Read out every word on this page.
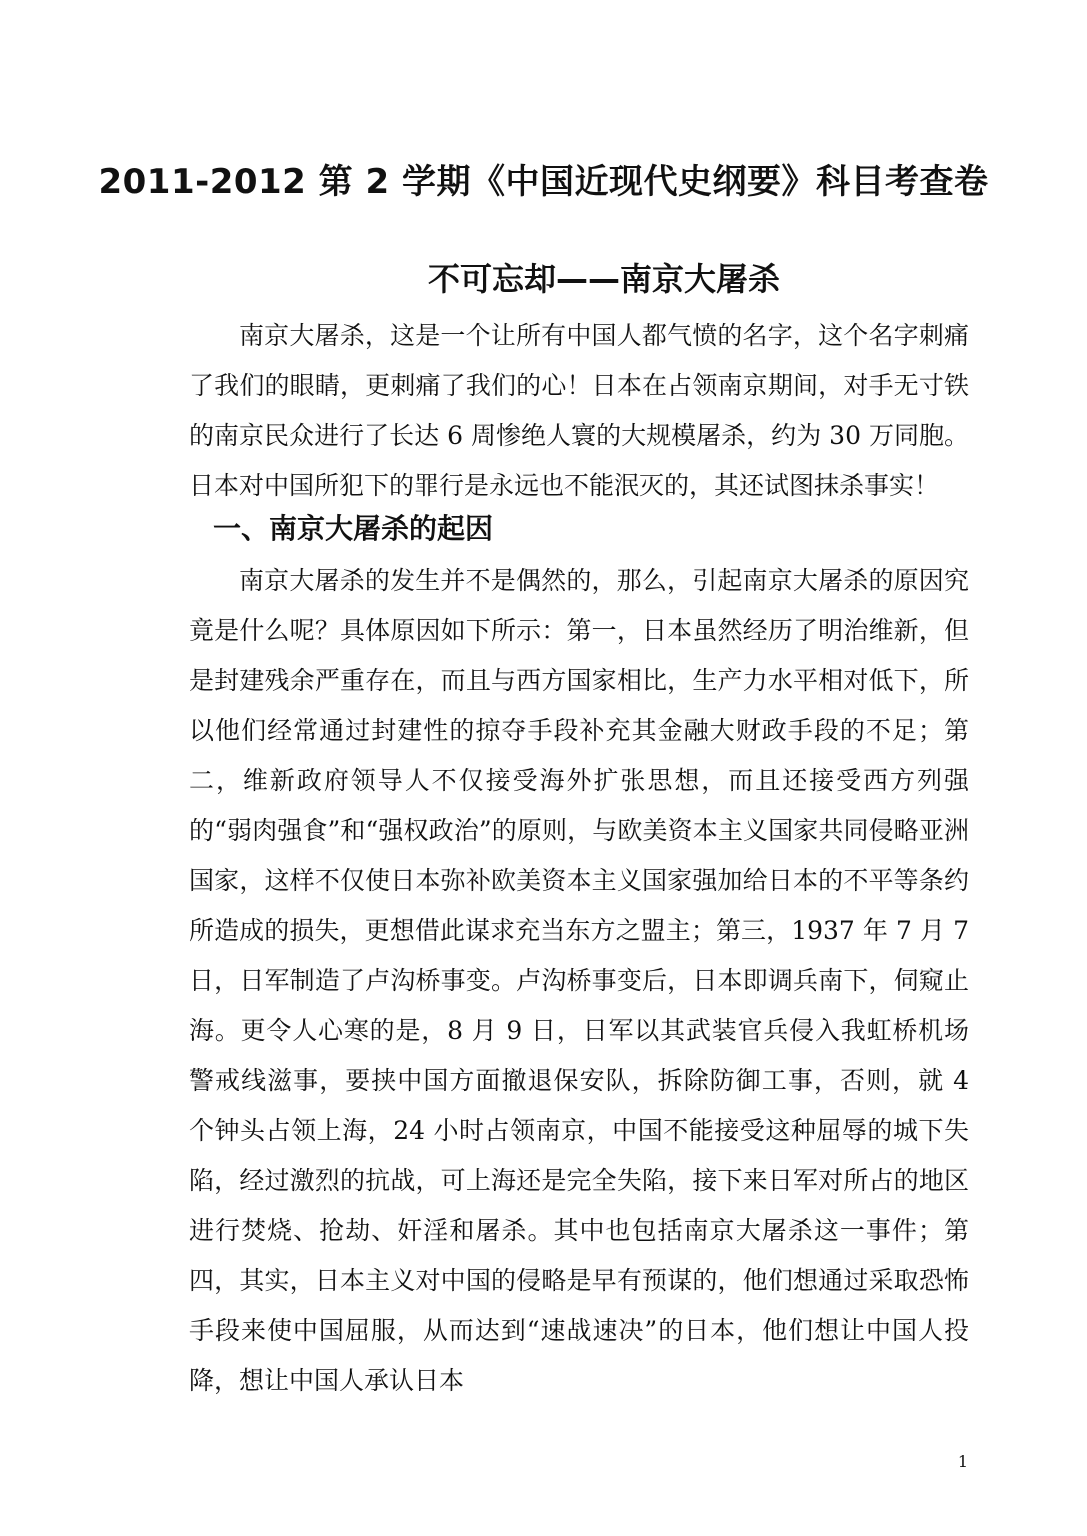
2011-2012 第 2 学期《中国近现代史纲要》科目考查卷
不可忘却——南京大屠杀

南京大屠杀，这是一个让所有中国人都气愤的名字，这个名字刺痛了我们的眼睛，更刺痛了我们的心！日本在占领南京期间，对手无寸铁的南京民众进行了长达 6 周惨绝人寰的大规模屠杀，约为 30 万同胞。日本对中国所犯下的罪行是永远也不能泯灭的，其还试图抹杀事实！

一、南京大屠杀的起因

南京大屠杀的发生并不是偶然的，那么，引起南京大屠杀的原因究竟是什么呢？具体原因如下所示：第一，日本虽然经历了明治维新，但是封建残余严重存在，而且与西方国家相比，生产力水平相对低下，所以他们经常通过封建性的掠夺手段补充其金融大财政手段的不足；第二，维新政府领导人不仅接受海外扩张思想，而且还接受西方列强的“弱肉强食”和“强权政治”的原则，与欧美资本主义国家共同侵略亚洲国家，这样不仅使日本弥补欧美资本主义国家强加给日本的不平等条约所造成的损失，更想借此谋求充当东方之盟主；第三，1937 年 7 月 7 日，日军制造了卢沟桥事变。卢沟桥事变后，日本即调兵南下，伺窥止海。更令人心寒的是，8 月 9 日，日军以其武装官兵侵入我虹桥机场警戒线滋事，要挟中国方面撤退保安队，拆除防御工事，否则，就 4 个钟头占领上海，24 小时占领南京，中国不能接受这种屈辱的城下失陷，经过激烈的抗战，可上海还是完全失陷，接下来日军对所占的地区进行焚烧、抢劫、奸淫和屠杀。其中也包括南京大屠杀这一事件；第四，其实，日本主义对中国的侵略是早有预谋的，他们想通过采取恐怖手段来使中国屈服，从而达到“速战速决”的日本，他们想让中国人投降，想让中国人承认日本

1
